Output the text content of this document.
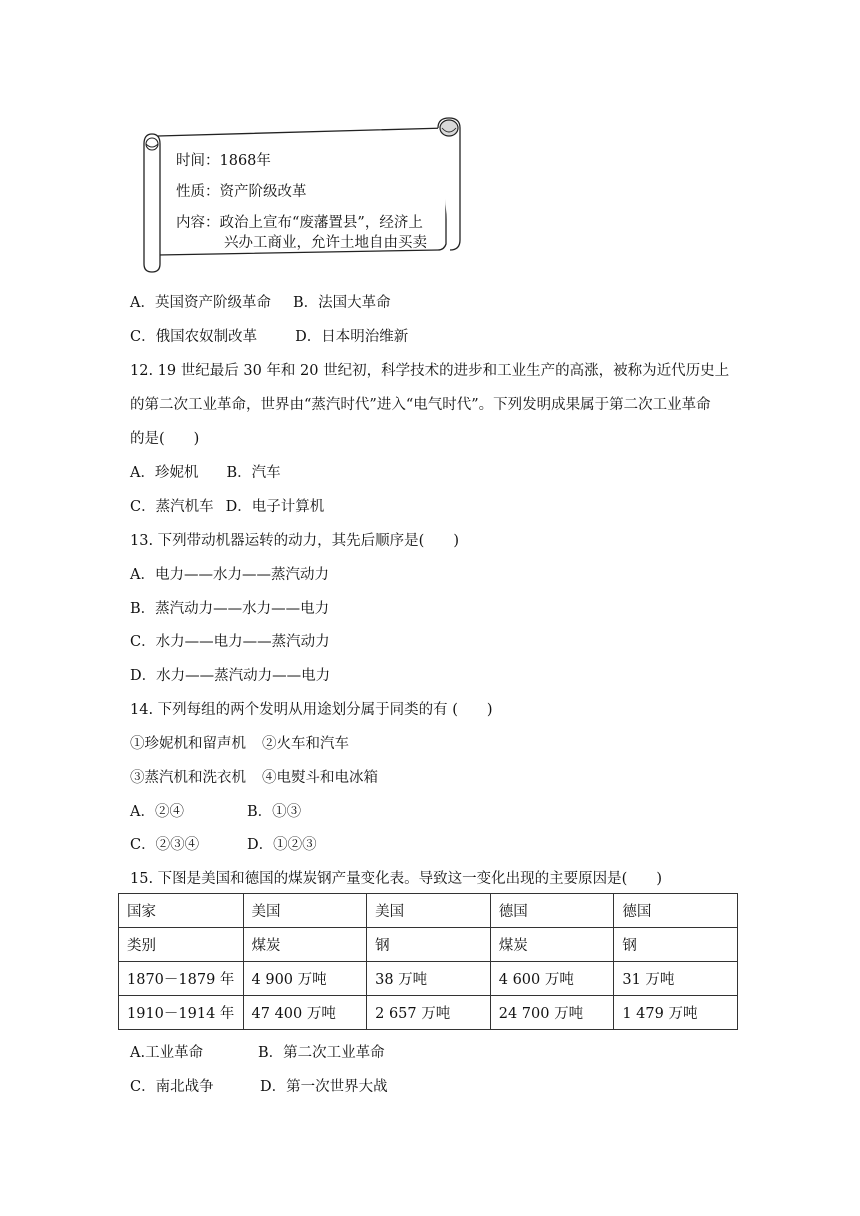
时间：1868年
性质：资产阶级改革
内容：政治上宣布“废藩置县”，经济上
兴办工商业，允许土地自由买卖
A．英国资产阶级革命 B．法国大革命
C．俄国农奴制改革	D．日本明治维新
12. 19 世纪最后 30 年和 20 世纪初，科学技术的进步和工业生产的高涨，被称为近代历史上
的第二次工业革命，世界由“蒸汽时代”进入“电气时代”。下列发明成果属于第二次工业革命
的是(　　)
A．珍妮机 B．汽车
C．蒸汽机车 D．电子计算机
13. 下列带动机器运转的动力，其先后顺序是(　　)
A．电力——水力——蒸汽动力
B．蒸汽动力——水力——电力
C．水力——电力——蒸汽动力
D．水力——蒸汽动力——电力
14. 下列每组的两个发明从用途划分属于同类的有 (　　)
①珍妮机和留声机 ②火车和汽车
③蒸汽机和洗衣机 ④电熨斗和电冰箱
A．②④	B．①③
C．②③④	D．①②③
15. 下图是美国和德国的煤炭钢产量变化表。导致这一变化出现的主要原因是(　　)
国家	美国	美国	德国	德国
类别	煤炭	钢	煤炭	钢
1870－1879 年	4 900 万吨	38 万吨	4 600 万吨	31 万吨
1910－1914 年	47 400 万吨	2 657 万吨	24 700 万吨	1 479 万吨
A.工业革命	B．第二次工业革命
C．南北战争	D．第一次世界大战
